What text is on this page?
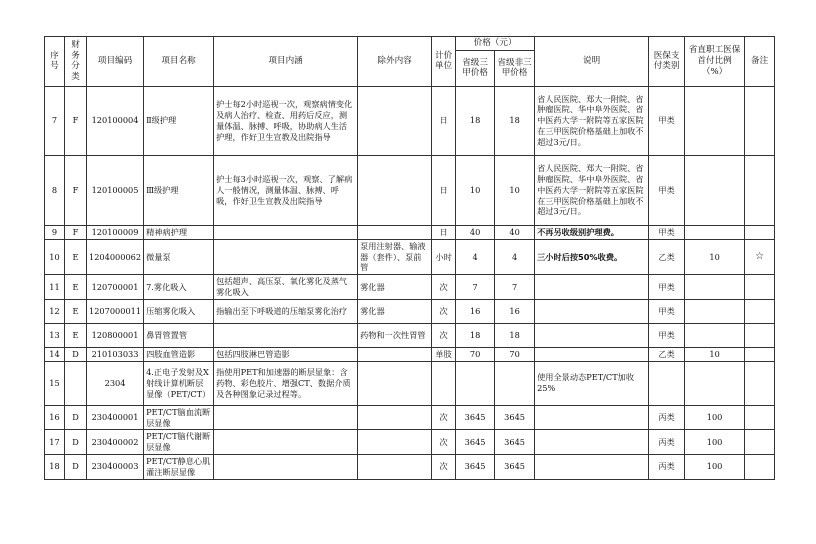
序号	财务分类	项目编码	项目名称	项目内涵	除外内容	计价单位	价格（元）		说明	医保支付类别	省直职工医保首付比例（%）	备注
							省级三甲价格	省级非三甲价格				
7	F	120100004	Ⅱ级护理	护士每2小时巡视一次，观察病情变化及病人治疗、检查、用药后反应，测量体温、脉搏、呼吸，协助病人生活护理，作好卫生宣教及出院指导		日	18	18	省人民医院、郑大一附院、省肿瘤医院、华中阜外医院、省中医药大学一附院等五家医院在三甲医院价格基础上加收不超过3元/日。	甲类		
8	F	120100005	Ⅲ级护理	护士每3小时巡视一次，观察、了解病人一般情况，测量体温、脉搏、呼吸，作好卫生宣教及出院指导		日	10	10	省人民医院、郑大一附院、省肿瘤医院、华中阜外医院、省中医药大学一附院等五家医院在三甲医院价格基础上加收不超过3元/日。	甲类		
9	F	120100009	精神病护理			日	40	40	不再另收级别护理费。	甲类		
10	E	1204000062	微量泵		泵用注射器、输液器（套件）、泵前管	小时	4	4	三小时后按50%收费。	乙类	10	☆
11	E	120700001	7.雾化吸入	包括超声、高压泵、氧化雾化及蒸气雾化吸入	雾化器	次	7	7		甲类		
12	E	1207000011	压缩雾化吸入	指输出至下呼吸道的压缩泵雾化治疗	雾化器	次	16	16		甲类		
13	E	120800001	鼻胃管置管		药物和一次性胃管	次	18	18		甲类		
14	D	210103033	四肢血管造影	包括四肢淋巴管造影		单肢	70	70		乙类	10	
15		2304	4.正电子发射及X射线计算机断层显像（PET/CT）	指使用PET和加速器的断层显象：含药物、彩色胶片、增强CT、数据介质及各种图象记录过程等。					使用全景动态PET/CT加收25%			
16	D	230400001	PET/CT脑血流断层显像			次	3645	3645		丙类	100	
17	D	230400002	PET/CT脑代谢断层显像			次	3645	3645		丙类	100	
18	D	230400003	PET/CT静息心肌灌注断层显像			次	3645	3645		丙类	100	
